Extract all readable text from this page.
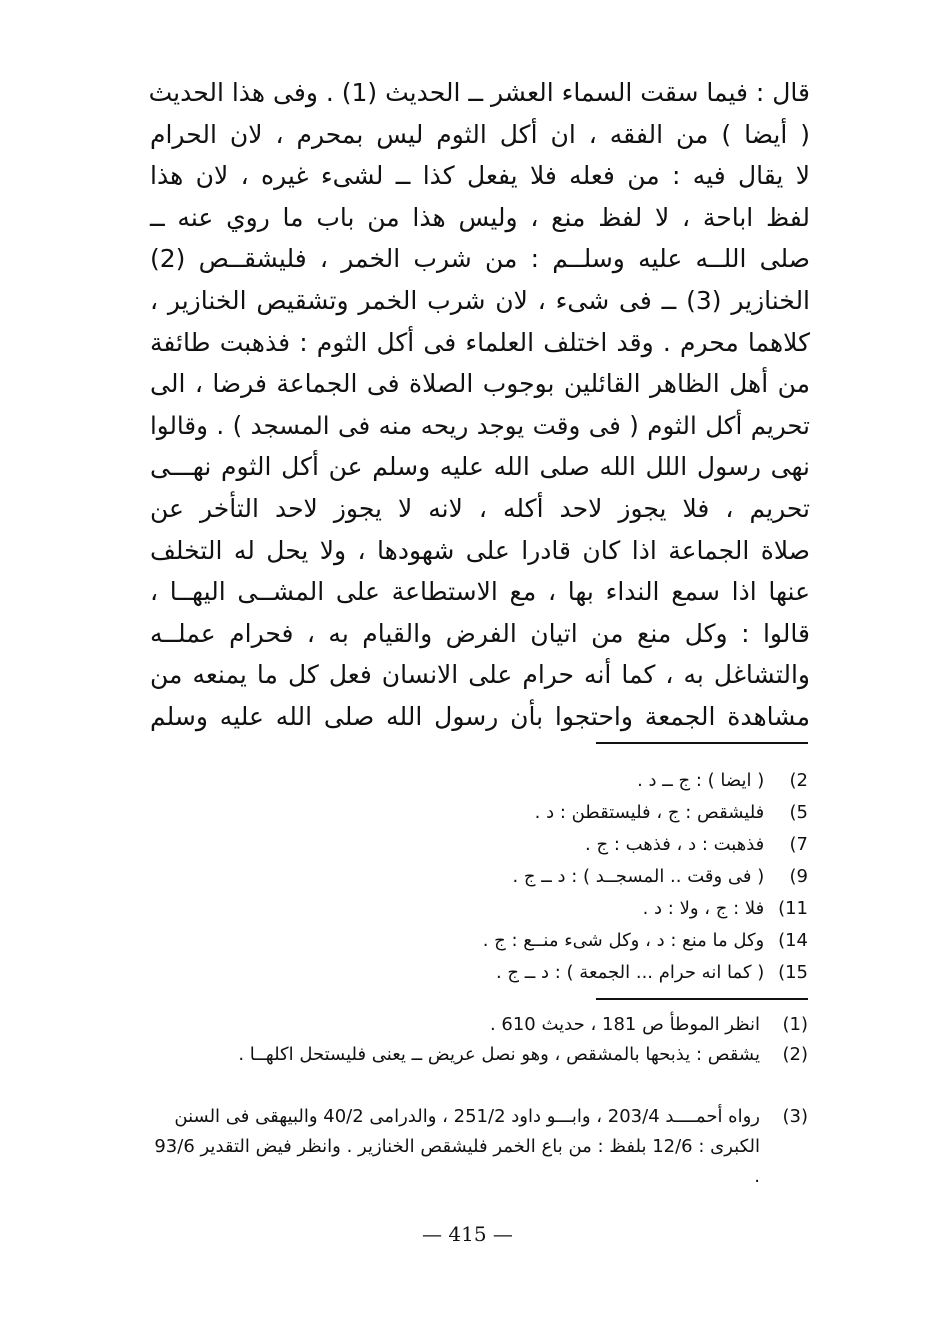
قال : فيما سقت السماء العشر ــ الحديث (1) . وفى هذا الحديث
( أيضا ) من الفقه ، ان أكل الثوم ليس بمحرم ، لان الحرام
لا يقال فيه : من فعله فلا يفعل كذا ــ لشىء غيره ، لان هذا
لفظ اباحة ، لا لفظ منع ، وليس هذا من باب ما روي عنه ــ
صلى اللــه عليه وسلــم : من شرب الخمر ، فليشقــص (2)
الخنازير (3) ــ فى شىء ، لان شرب الخمر وتشقيص الخنازير ،
كلاهما محرم . وقد اختلف العلماء فى أكل الثوم : فذهبت طائفة
من أهل الظاهر القائلين بوجوب الصلاة فى الجماعة فرضا ، الى
تحريم أكل الثوم ( فى وقت يوجد ريحه منه فى المسجد ) . وقالوا
نهى رسول اللل الله صلى الله عليه وسلم عن أكل الثوم نهـــى
تحريم ، فلا يجوز لاحد أكله ، لانه لا يجوز لاحد التأخر عن
صلاة الجماعة اذا كان قادرا على شهودها ، ولا يحل له التخلف
عنها اذا سمع النداء بها ، مع الاستطاعة على المشــى اليهــا ،
قالوا : وكل منع من اتيان الفرض والقيام به ، فحرام عملــه
والتشاغل به ، كما أنه حرام على الانسان فعل كل ما يمنعه من
مشاهدة الجمعة واحتجوا بأن رسول الله صلى الله عليه وسلم
2) ( ايضا ) : ج ــ د .
5) فليشقص : ج ، فليستقطن : د .
7) فذهبت : د ، فذهب : ج .
9) ( فى وقت .. المسجــد ) : د ــ ج .
11) فلا : ج ، ولا : د .
14) وكل ما منع : د ، وكل شىء منــع : ج .
15) ( كما انه حرام ... الجمعة ) : د ــ ج .
(1)
انظر الموطأ ص 181 ، حديث 610 .
(2)
يشقص : يذبحها بالمشقص ، وهو نصل عريض ــ يعنى فليستحل اكلهــا .
(3)
رواه أحمــــد 203/4 ، وابـــو داود 251/2 ، والدرامى 40/2 والبيهقى فى السنن الكبرى : 12/6 بلفظ : من باع الخمر فليشقص الخنازير . وانظر فيض التقدير 93/6 .
— 415 —
